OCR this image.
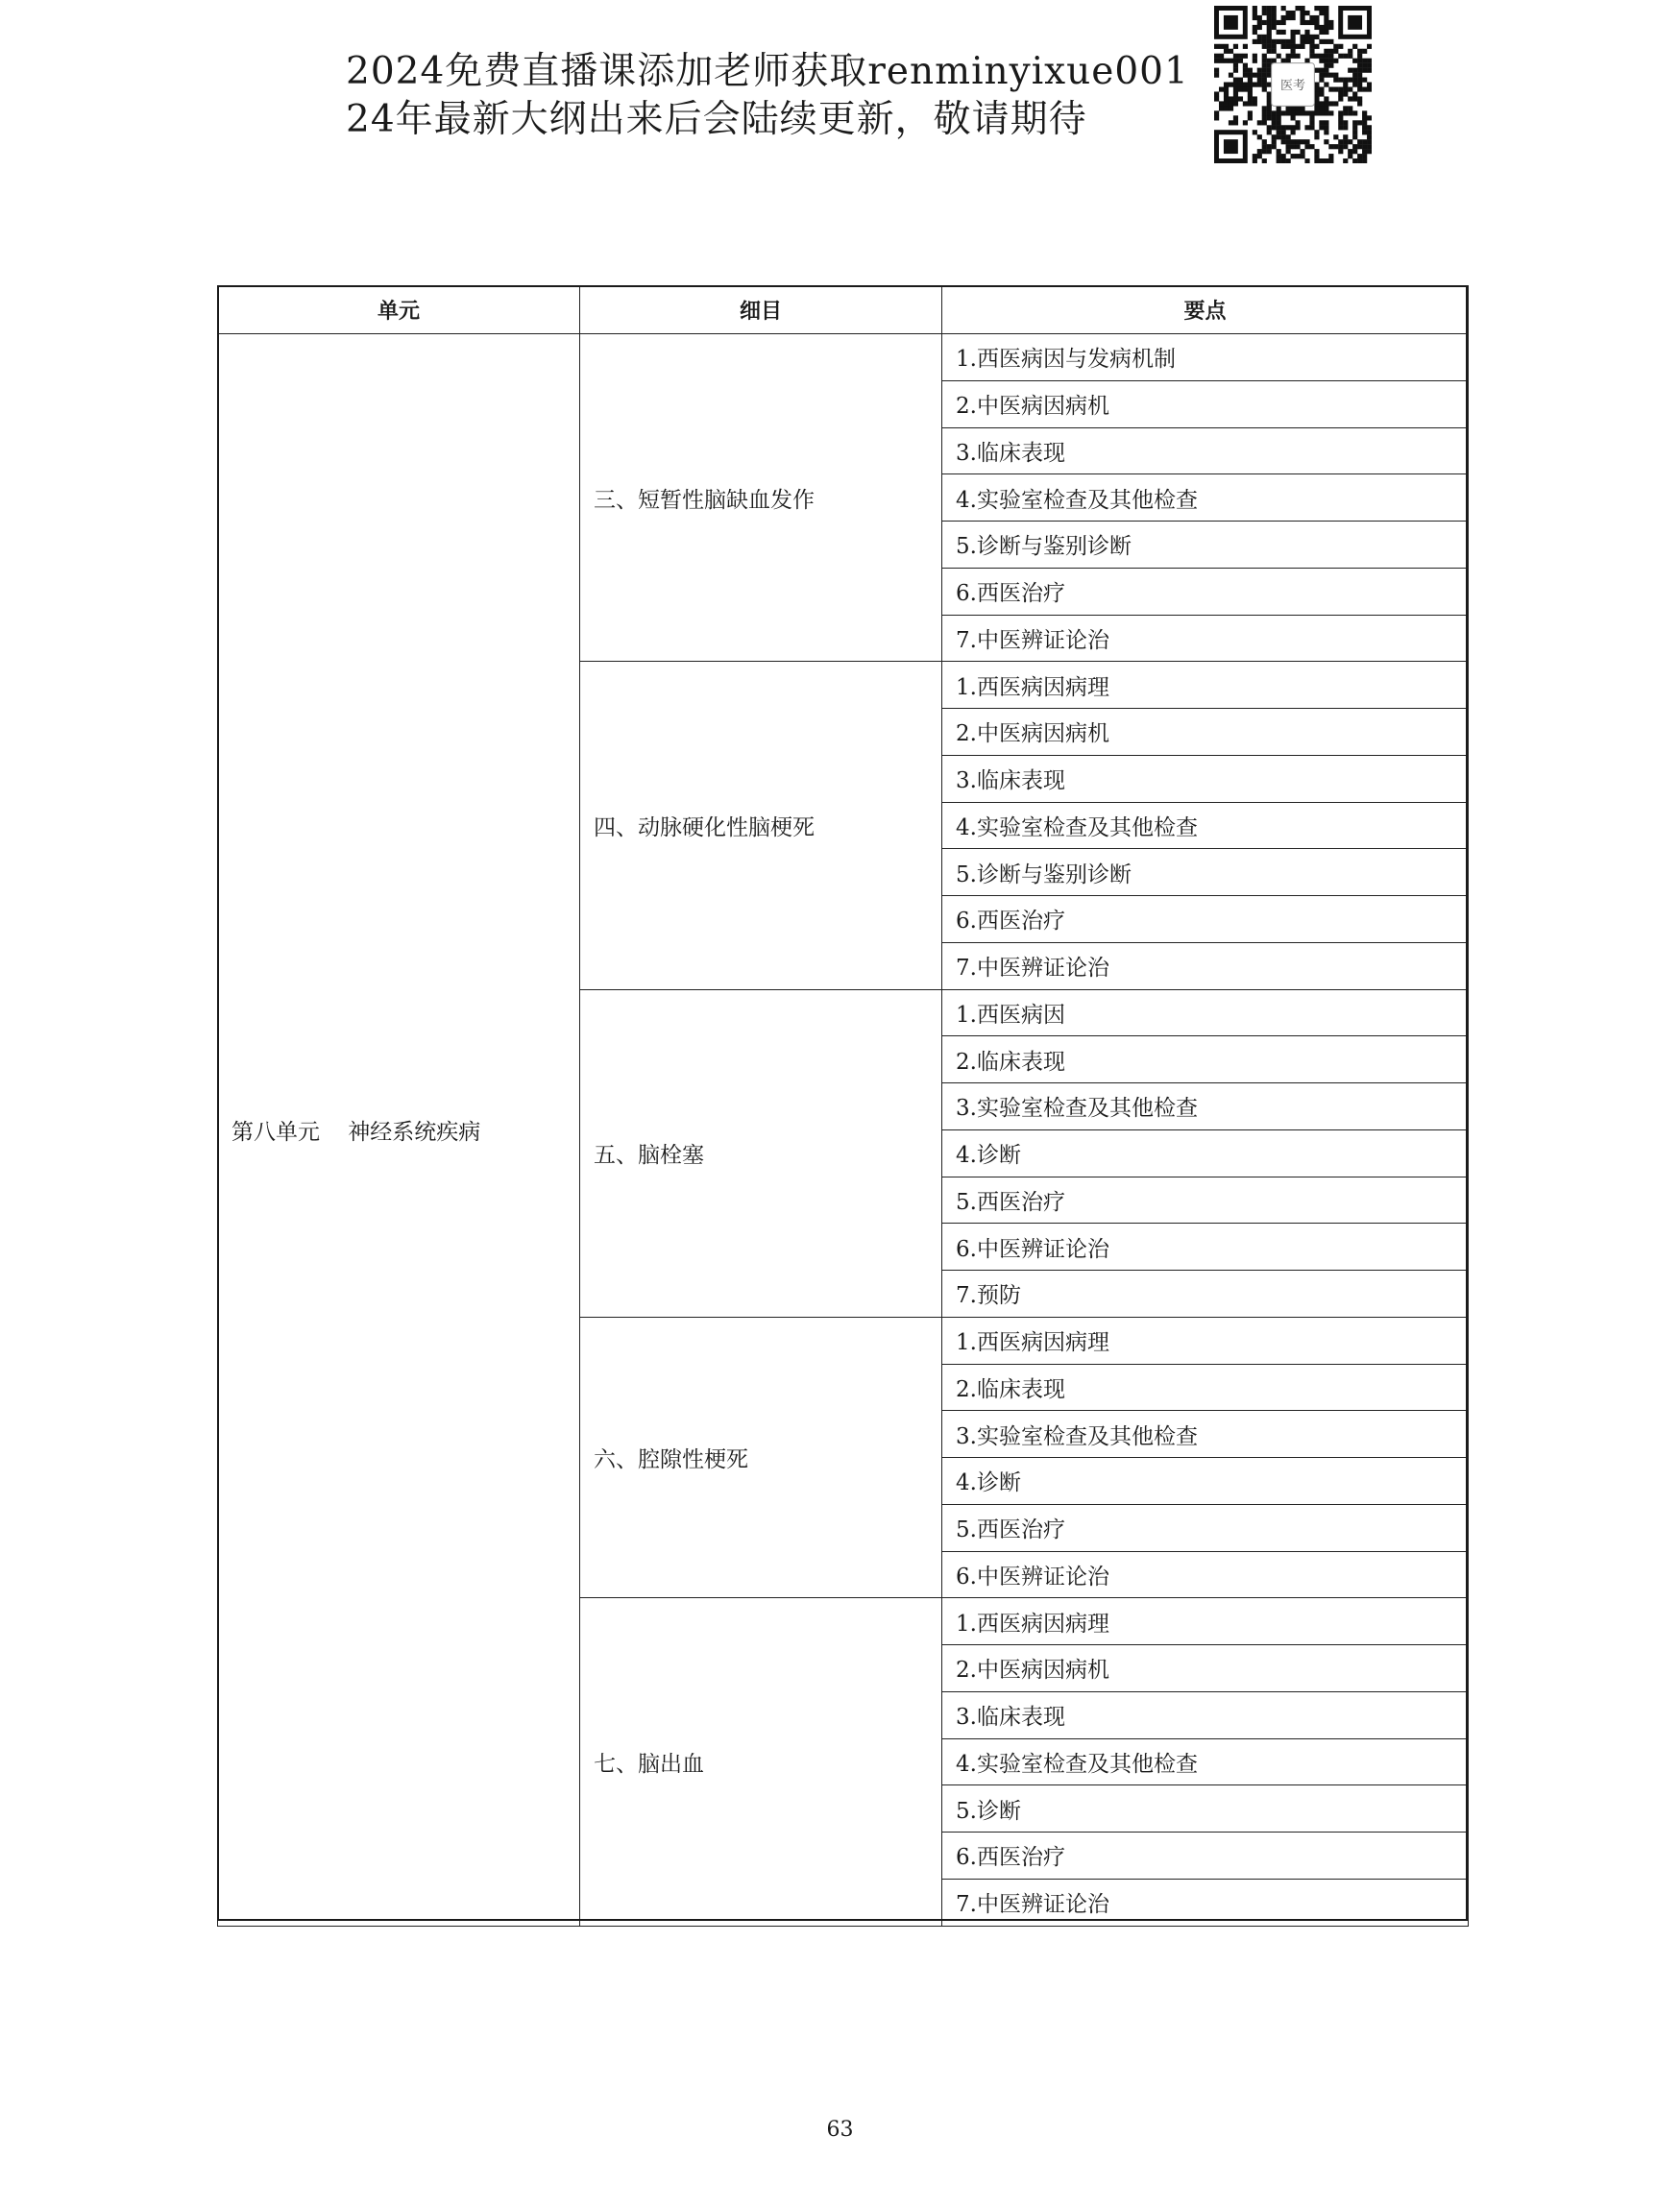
2024免费直播课添加老师获取renminyixue001
24年最新大纲出来后会陆续更新，敬请期待
医考
单元	细目	要点
第八单元    神经系统疾病	三、短暂性脑缺血发作	1.西医病因与发病机制
		2.中医病因病机
		3.临床表现
		4.实验室检查及其他检查
		5.诊断与鉴别诊断
		6.西医治疗
		7.中医辨证论治
	四、动脉硬化性脑梗死	1.西医病因病理
		2.中医病因病机
		3.临床表现
		4.实验室检查及其他检查
		5.诊断与鉴别诊断
		6.西医治疗
		7.中医辨证论治
	五、脑栓塞	1.西医病因
		2.临床表现
		3.实验室检查及其他检查
		4.诊断
		5.西医治疗
		6.中医辨证论治
		7.预防
	六、腔隙性梗死	1.西医病因病理
		2.临床表现
		3.实验室检查及其他检查
		4.诊断
		5.西医治疗
		6.中医辨证论治
	七、脑出血	1.西医病因病理
		2.中医病因病机
		3.临床表现
		4.实验室检查及其他检查
		5.诊断
		6.西医治疗
		7.中医辨证论治
63
